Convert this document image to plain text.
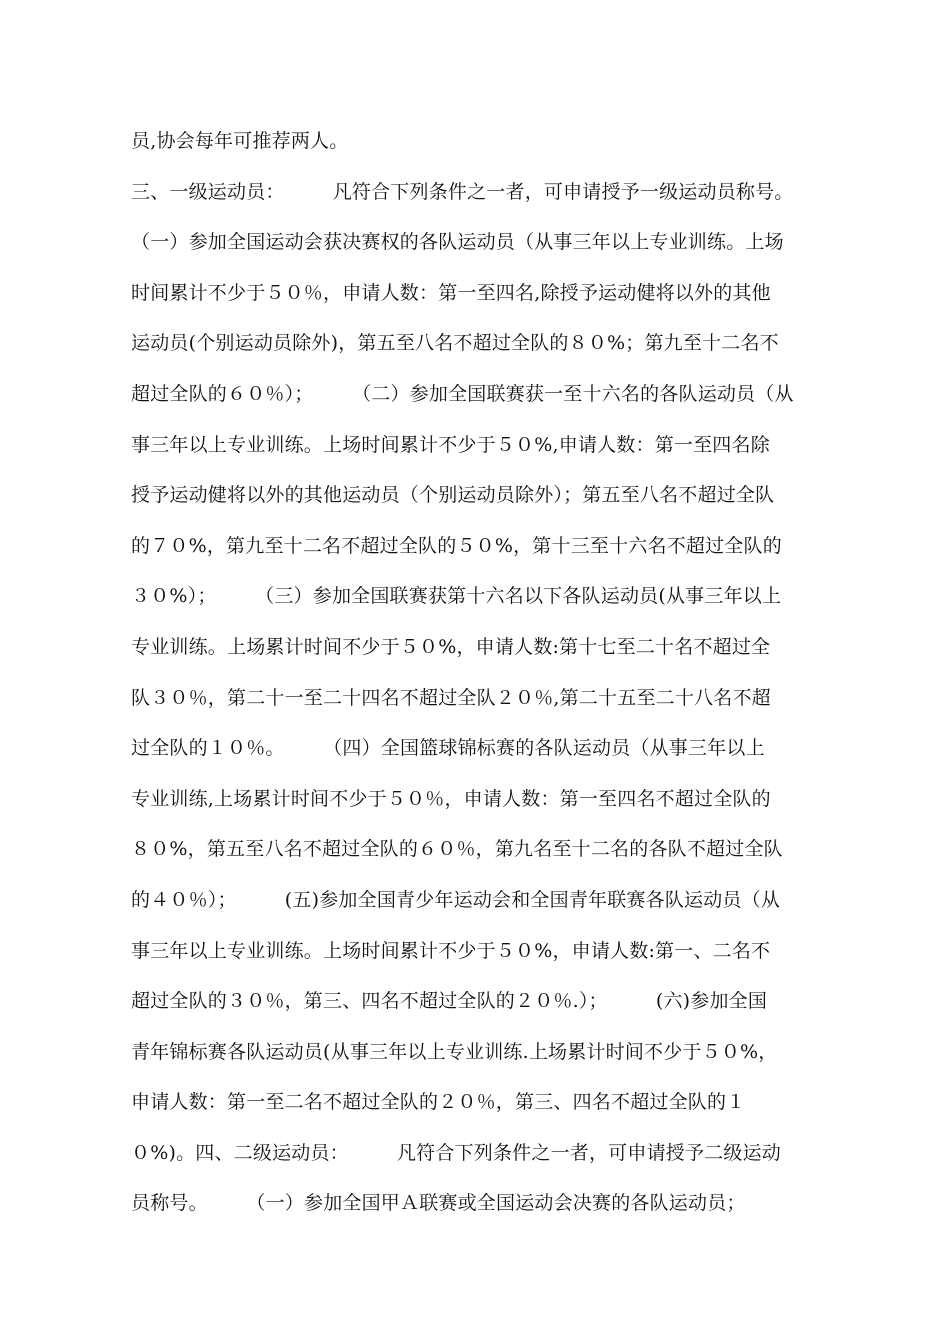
员,协会每年可推荐两人。
三、一级运动员：　　　凡符合下列条件之一者，可申请授予一级运动员称号。
（一）参加全国运动会获决赛权的各队运动员（从事三年以上专业训练。上场
时间累计不少于５０％，申请人数：第一至四名,除授予运动健将以外的其他
运动员(个别运动员除外)，第五至八名不超过全队的８０%；第九至十二名不
超过全队的６０％）；　　　（二）参加全国联赛获一至十六名的各队运动员（从
事三年以上专业训练。上场时间累计不少于５０%,申请人数：第一至四名除
授予运动健将以外的其他运动员（个别运动员除外）；第五至八名不超过全队
的７０%，第九至十二名不超过全队的５０%，第十三至十六名不超过全队的
３０%）；　　　（三）参加全国联赛获第十六名以下各队运动员(从事三年以上
专业训练。上场累计时间不少于５０%，申请人数:第十七至二十名不超过全
队３０％，第二十一至二十四名不超过全队２０％,第二十五至二十八名不超
过全队的１０％。　　　（四）全国篮球锦标赛的各队运动员（从事三年以上
专业训练,上场累计时间不少于５０％，申请人数：第一至四名不超过全队的
８０%，第五至八名不超过全队的６０％，第九名至十二名的各队不超过全队
的４０％）；　　　(五)参加全国青少年运动会和全国青年联赛各队运动员（从
事三年以上专业训练。上场时间累计不少于５０%，申请人数:第一、二名不
超过全队的３０％，第三、四名不超过全队的２０％.）；　　　(六)参加全国
青年锦标赛各队运动员(从事三年以上专业训练.上场累计时间不少于５０%，
申请人数：第一至二名不超过全队的２０％，第三、四名不超过全队的１
０%)。四、二级运动员：　　　凡符合下列条件之一者，可申请授予二级运动
员称号。　　　（一）参加全国甲Ａ联赛或全国运动会决赛的各队运动员；
